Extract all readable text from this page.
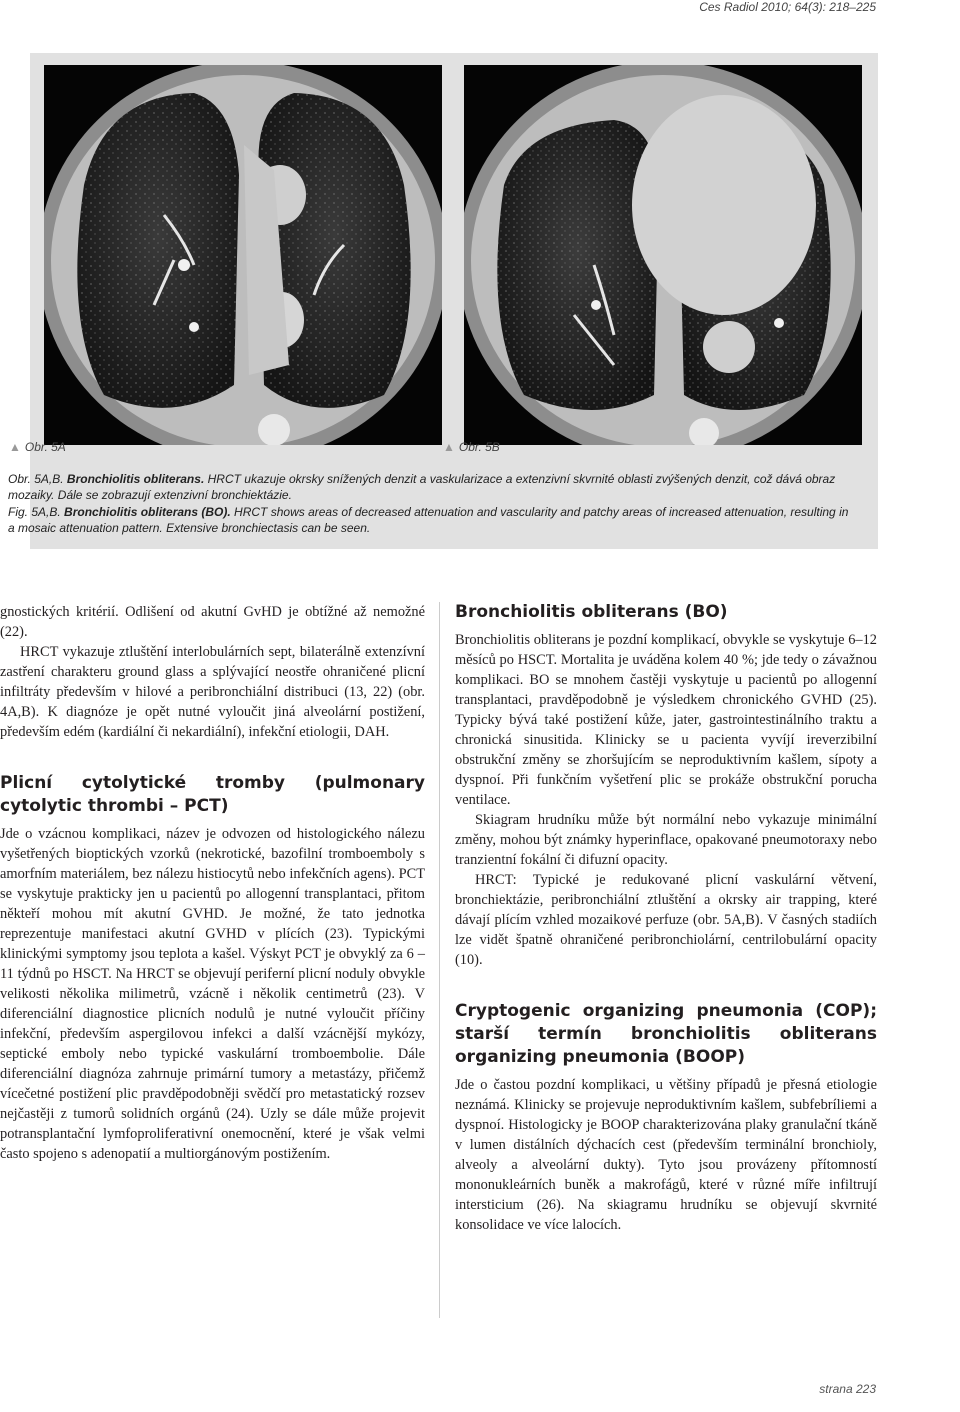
Ces Radiol 2010; 64(3): 218–225
▲ Obr. 5A	▲ Obr. 5B

Obr. 5A,B. Bronchiolitis obliterans. HRCT ukazuje okrsky snížených denzit a vaskularizace a extenzivní skvrnité oblasti zvýšených denzit, což dává obraz mozaiky. Dále se zobrazují extenzivní bronchiektázie.

Fig. 5A,B. Bronchiolitis obliterans (BO). HRCT shows areas of decreased attenuation and vascularity and patchy areas of increased attenuation, resulting in a mosaic attenuation pattern. Extensive bronchiectasis can be seen.

gnostických kritérií. Odlišení od akutní GvHD je obtížné až nemožné (22).

HRCT vykazuje ztluštění interlobulárních sept, bilaterálně extenzívní zastření charakteru ground glass a splývající neostře ohraničené plicní infiltráty především v hilové a peribronchiální distribuci (13, 22) (obr. 4A,B). K diagnóze je opět nutné vyloučit jiná alveolární postižení, především edém (kardiální či nekardiální), infekční etiologii, DAH.

Plicní cytolytické tromby (pulmonary cytolytic thrombi – PCT)

Jde o vzácnou komplikaci, název je odvozen od histologického nálezu vyšetřených bioptických vzorků (nekrotické, bazofilní tromboemboly s amorfním materiálem, bez nálezu histiocytů nebo infekčních agens). PCT se vyskytuje prakticky jen u pacientů po allogenní transplantaci, přitom někteří mohou mít akutní GVHD. Je možné, že tato jednotka reprezentuje manifestaci akutní GVHD v plících (23). Typickými klinickými symptomy jsou teplota a kašel. Výskyt PCT je obvyklý za 6 – 11 týdnů po HSCT. Na HRCT se objevují periferní plicní noduly obvykle velikosti několika milimetrů, vzácně i několik centimetrů (23). V diferenciální diagnostice plicních nodulů je nutné vyloučit příčiny infekční, především aspergilovou infekci a další vzácnější mykózy, septické emboly nebo typické vaskulární tromboembolie. Dále diferenciální diagnóza zahrnuje primární tumory a metastázy, přičemž vícečetné postižení plic pravděpodobněji svědčí pro metastatický rozsev nejčastěji z tumorů solidních orgánů (24). Uzly se dále může projevit potransplantační lymfoproliferativní onemocnění, které je však velmi často spojeno s adenopatií a multiorgánovým postižením.

Bronchiolitis obliterans (BO)

Bronchiolitis obliterans je pozdní komplikací, obvykle se vyskytuje 6–12 měsíců po HSCT. Mortalita je uváděna kolem 40 %; jde tedy o závažnou komplikaci. BO se mnohem častěji vyskytuje u pacientů po allogenní transplantaci, pravděpodobně je výsledkem chronického GVHD (25). Typicky bývá také postižení kůže, jater, gastrointestinálního traktu a chronická sinusitida. Klinicky se u pacienta vyvíjí ireverzibilní obstrukční změny se zhoršujícím se neproduktivním kašlem, sípoty a dyspnoí. Při funkčním vyšetření plic se prokáže obstrukční porucha ventilace.

Skiagram hrudníku může být normální nebo vykazuje minimální změny, mohou být známky hyperinflace, opakované pneumotoraxy nebo tranzientní fokální či difuzní opacity.

HRCT: Typické je redukované plicní vaskulární větvení, bronchiektázie, peribronchiální ztluštění a okrsky air trapping, které dávají plícím vzhled mozaikové perfuze (obr. 5A,B). V časných stadiích lze vidět špatně ohraničené peribronchiolární, centrilobulární opacity (10).

Cryptogenic organizing pneumonia (COP); starší termín bronchiolitis obliterans organizing pneumonia (BOOP)

Jde o častou pozdní komplikaci, u většiny případů je přesná etiologie neznámá. Klinicky se projevuje neproduktivním kašlem, subfebríliemi a dyspnoí. Histologicky je BOOP charakterizována plaky granulační tkáně v lumen distálních dýchacích cest (především terminální bronchioly, alveoly a alveolární dukty). Tyto jsou provázeny přítomností mononukleárních buněk a makrofágů, které v různé míře infiltrují intersticium (26). Na skiagramu hrudníku se objevují skvrnité konsolidace ve více lalocích.

strana 223
